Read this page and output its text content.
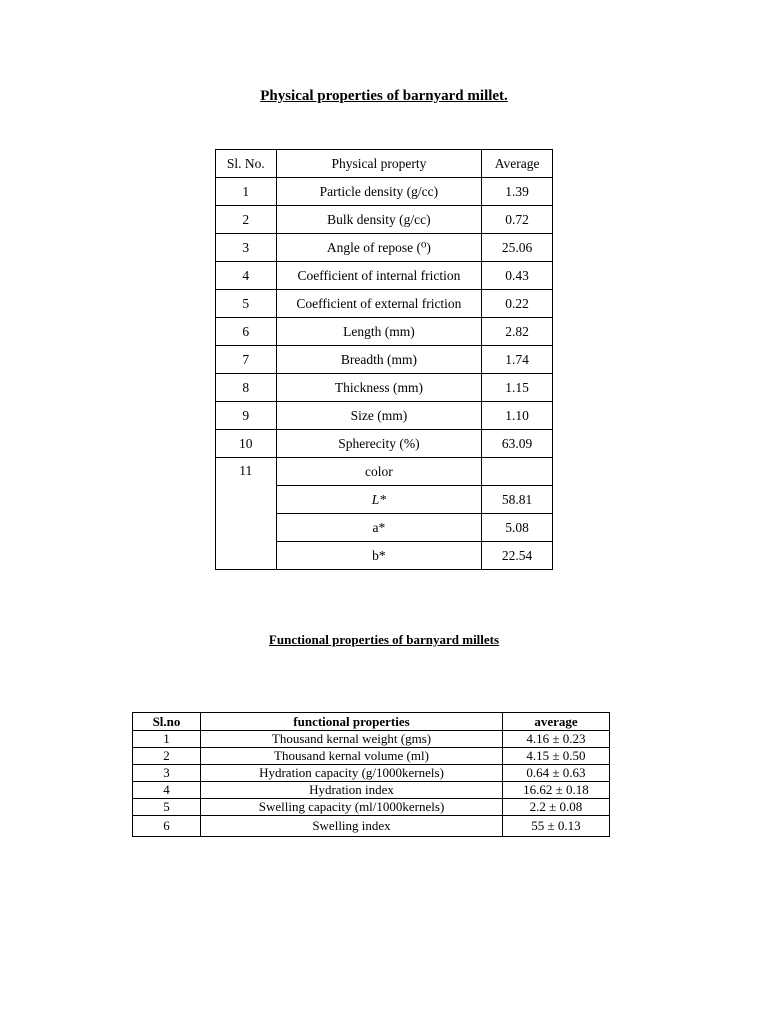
Physical properties of barnyard millet.
Sl. No.	Physical property	Average
1	Particle density (g/cc)	1.39
2	Bulk density (g/cc)	0.72
3	Angle of repose (⁰)	25.06
4	Coefficient of internal friction	0.43
5	Coefficient of external friction	0.22
6	Length (mm)	2.82
7	Breadth (mm)	1.74
8	Thickness (mm)	1.15
9	Size (mm)	1.10
10	Spherecity (%)	63.09
11	color	
	L*	58.81
	a*	5.08
	b*	22.54
Functional properties of barnyard millets
Sl.no	functional properties	average
1	Thousand kernal weight (gms)	4.16 ± 0.23
2	Thousand kernal volume (ml)	4.15 ± 0.50
3	Hydration capacity (g/1000kernels)	0.64 ± 0.63
4	Hydration index	16.62 ± 0.18
5	Swelling capacity (ml/1000kernels)	2.2 ± 0.08
6	Swelling index	55 ± 0.13
